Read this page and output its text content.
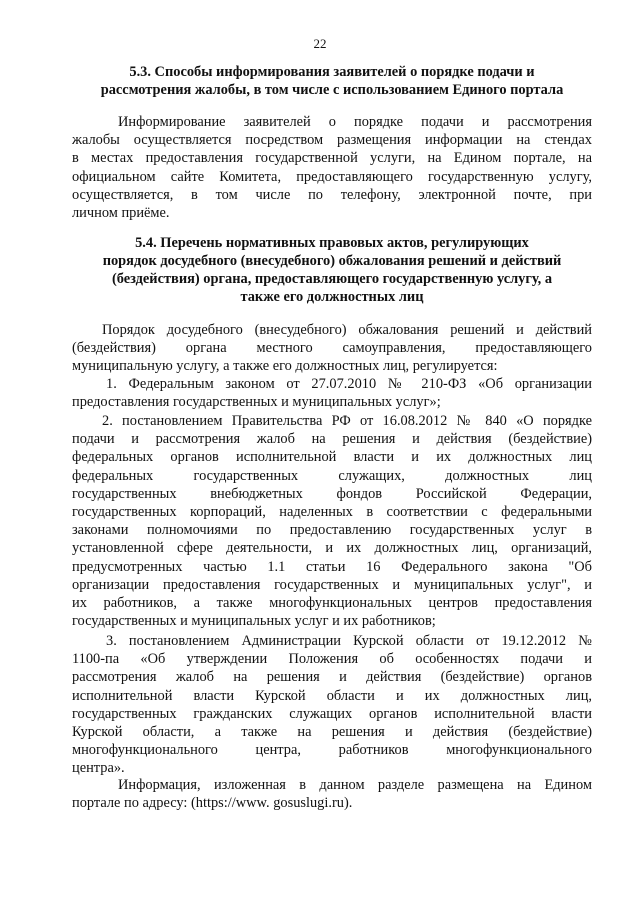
22
5.3. Способы информирования заявителей о порядке подачи и
рассмотрения жалобы, в том числе с использованием Единого портала
Информирование заявителей о порядке подачи и рассмотрения
жалобы осуществляется посредством размещения информации на стендах
в местах предоставления государственной услуги, на Едином портале, на
официальном сайте Комитета, предоставляющего государственную услугу,
осуществляется, в том числе по телефону, электронной почте, при
личном приёме.
5.4. Перечень нормативных правовых актов, регулирующих
порядок досудебного (внесудебного) обжалования решений и действий
(бездействия) органа, предоставляющего государственную услугу, а
также его должностных лиц
Порядок досудебного (внесудебного) обжалования решений и действий
(бездействия) органа местного самоуправления, предоставляющего
муниципальную услугу, а также его должностных лиц, регулируется:
1. Федеральным законом от 27.07.2010 № 210-ФЗ «Об организации
предоставления государственных и муниципальных услуг»;
2. постановлением Правительства РФ от 16.08.2012 № 840 «О порядке
подачи и рассмотрения жалоб на решения и действия (бездействие)
федеральных органов исполнительной власти и их должностных лиц
федеральных государственных служащих, должностных лиц
государственных внебюджетных фондов Российской Федерации,
государственных корпораций, наделенных в соответствии с федеральными
законами полномочиями по предоставлению государственных услуг в
установленной сфере деятельности, и их должностных лиц, организаций,
предусмотренных частью 1.1 статьи 16 Федерального закона "Об
организации предоставления государственных и муниципальных услуг", и
их работников, а также многофункциональных центров предоставления
государственных и муниципальных услуг и их работников;
3. постановлением Администрации Курской области от 19.12.2012 №
1100-па «Об утверждении Положения об особенностях подачи и
рассмотрения жалоб на решения и действия (бездействие) органов
исполнительной власти Курской области и их должностных лиц,
государственных гражданских служащих органов исполнительной власти
Курской области, а также на решения и действия (бездействие)
многофункционального центра, работников многофункционального
центра».
Информация, изложенная в данном разделе размещена на Едином
портале по адресу: (https://www. gosuslugi.ru).
